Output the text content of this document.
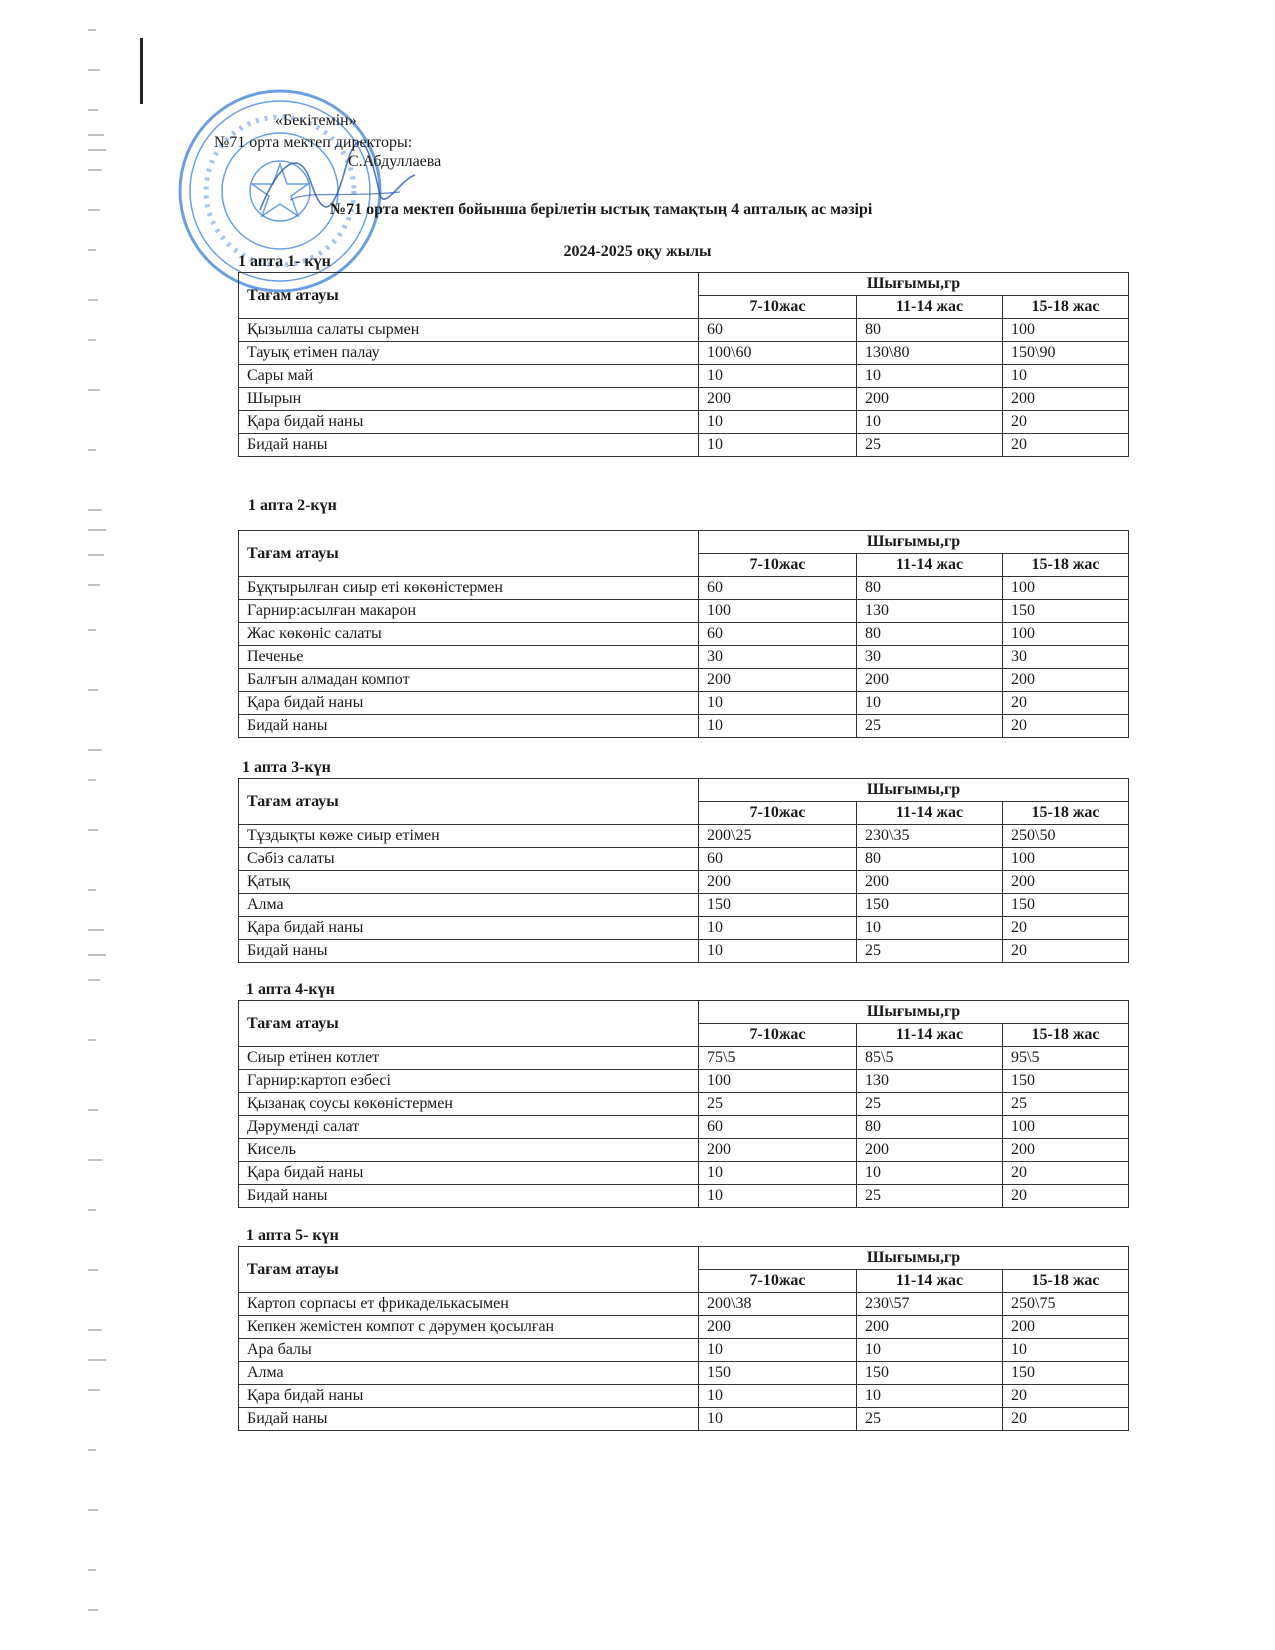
«Бекітемін»
№71 орта мектеп директоры:
С.Абдуллаева
№71 орта мектеп бойынша берілетін ыстық тамақтың 4 апталық ас мәзірі
2024-2025 оқу жылы
1 апта 1- күн
Тағам атауы	Шығымы,гр		
	7-10жас	11-14 жас	15-18 жас
Қызылша салаты сырмен	60	80	100
Тауық етімен палау	100\60	130\80	150\90
Сары май	10	10	10
Шырын	200	200	200
Қара бидай наны	10	10	20
Бидай наны	10	25	20
1 апта 2-күн
Тағам атауы	Шығымы,гр		
	7-10жас	11-14 жас	15-18 жас
Бұқтырылған сиыр еті көкөністермен	60	80	100
Гарнир:асылған макарон	100	130	150
Жас көкөніс салаты	60	80	100
Печенье	30	30	30
Балғын алмадан компот	200	200	200
Қара бидай наны	10	10	20
Бидай наны	10	25	20
1 апта 3-күн
Тағам атауы	Шығымы,гр		
	7-10жас	11-14 жас	15-18 жас
Тұздықты көже сиыр етімен	200\25	230\35	250\50
Сәбіз салаты	60	80	100
Қатық	200	200	200
Алма	150	150	150
Қара бидай наны	10	10	20
Бидай наны	10	25	20
1 апта 4-күн
Тағам атауы	Шығымы,гр		
	7-10жас	11-14 жас	15-18 жас
Сиыр етінен котлет	75\5	85\5	95\5
Гарнир:картоп езбесі	100	130	150
Қызанақ соусы көкөністермен	25	25	25
Дәруменді салат	60	80	100
Кисель	200	200	200
Қара бидай наны	10	10	20
Бидай наны	10	25	20
1 апта 5- күн
Тағам атауы	Шығымы,гр		
	7-10жас	11-14 жас	15-18 жас
Картоп сорпасы ет фрикаделькасымен	200\38	230\57	250\75
Кепкен жемістен компот с дәрумен қосылған	200	200	200
Ара балы	10	10	10
Алма	150	150	150
Қара бидай наны	10	10	20
Бидай наны	10	25	20
